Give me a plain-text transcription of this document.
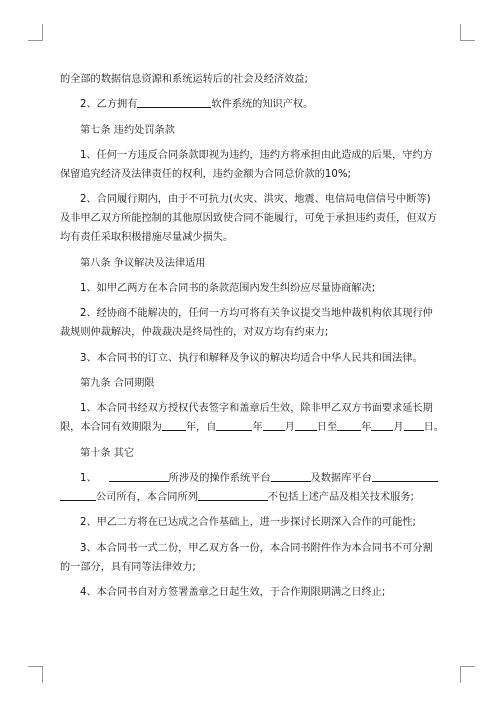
的全部的数据信息资源和系统运转后的社会及经济效益;
2、乙方拥有	软件系统的知识产权。
第七条 违约处罚条款
1、任何一方违反合同条款即视为违约，违约方将承担由此造成的后果，守约方
保留追究经济及法律责任的权利，违约金额为合同总价款的10%;
2、合同履行期内，由于不可抗力(火灾、洪灾、地震、电信局电信信号中断等)
及非甲乙双方所能控制的其他原因致使合同不能履行，可免于承担违约责任，但双方
均有责任采取积极措施尽量减少损失。
第八条 争议解决及法律适用
1、如甲乙两方在本合同书的条款范围内发生纠纷应尽量协商解决;
2、经协商不能解决的，任何一方均可将有关争议提交当地仲裁机构依其现行仲
裁规则仲裁解决，仲裁裁决是终局性的，对双方均有约束力;
3、本合同书的订立、执行和解释及争议的解决均适合中华人民共和国法律。
第九条 合同期限
1、本合同书经双方授权代表签字和盖章后生效，除非甲乙双方书面要求延长期
限，本合同有效期限为 年，自	年 月 日至 年 月 日。
第十条 其它
1、	所涉及的操作系统平台	及数据库平台
公司所有，本合同所列	不包括上述产品及相关技术服务;
2、甲乙二方将在已达成之合作基础上，进一步探讨长期深入合作的可能性;
3、本合同书一式二份，甲乙双方各一份，本合同书附件作为本合同书不可分割
的一部分，具有同等法律效力;
4、本合同书自对方签署盖章之日起生效，于合作期限期满之日终止;
